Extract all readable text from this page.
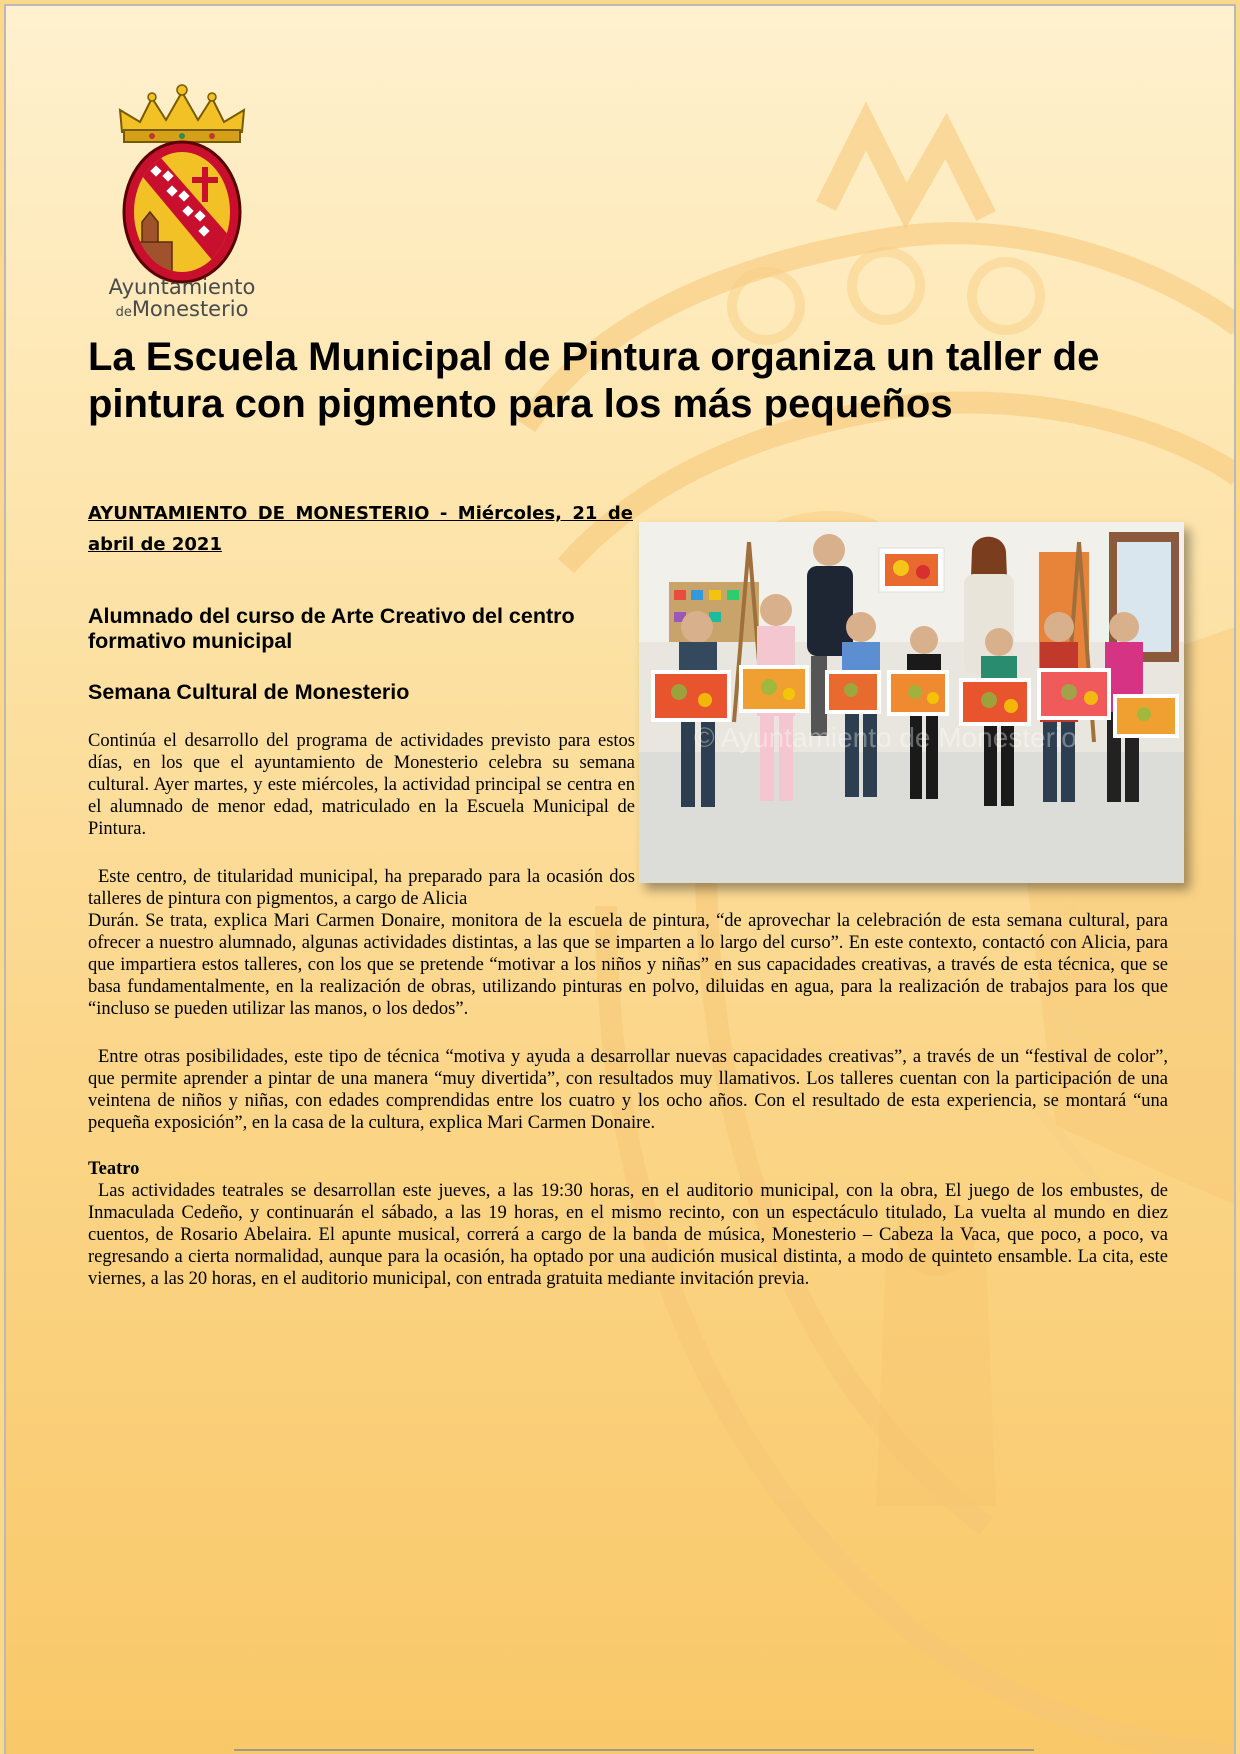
Ayuntamiento
deMonesterio
La Escuela Municipal de Pintura organiza un taller de pintura con pigmento para los más pequeños
AYUNTAMIENTO DE MONESTERIO - Miércoles, 21 de abril de 2021
Alumnado del curso de Arte Creativo del centro formativo municipal
Semana Cultural de Monesterio
© Ayuntamiento de Monesterio

Continúa el desarrollo del programa de actividades previsto para estos días, en los que el ayuntamiento de Monesterio celebra su semana cultural. Ayer martes, y este miércoles, la actividad principal se centra en el alumnado de menor edad, matriculado en la Escuela Municipal de Pintura.

Este centro, de titularidad municipal, ha preparado para la ocasión dos talleres de pintura con pigmentos, a cargo de Alicia

Durán. Se trata, explica Mari Carmen Donaire, monitora de la escuela de pintura, “de aprovechar la celebración de esta semana cultural, para ofrecer a nuestro alumnado, algunas actividades distintas, a las que se imparten a lo largo del curso”. En este contexto, contactó con Alicia, para que impartiera estos talleres, con los que se pretende “motivar a los niños y niñas” en sus capacidades creativas, a través de esta técnica, que se basa fundamentalmente, en la realización de obras, utilizando pinturas en polvo, diluidas en agua, para la realización de trabajos para los que “incluso se pueden utilizar las manos, o los dedos”.

Entre otras posibilidades, este tipo de técnica “motiva y ayuda a desarrollar nuevas capacidades creativas”, a través de un “festival de color”, que permite aprender a pintar de una manera “muy divertida”, con resultados muy llamativos. Los talleres cuentan con la participación de una veintena de niños y niñas, con edades comprendidas entre los cuatro y los ocho años. Con el resultado de esta experiencia, se montará “una pequeña exposición”, en la casa de la cultura, explica Mari Carmen Donaire.

Teatro

Las actividades teatrales se desarrollan este jueves, a las 19:30 horas, en el auditorio municipal, con la obra, El juego de los embustes, de Inmaculada Cedeño, y continuarán el sábado, a las 19 horas, en el mismo recinto, con un espectáculo titulado, La vuelta al mundo en diez cuentos, de Rosario Abelaira. El apunte musical, correrá a cargo de la banda de música, Monesterio – Cabeza la Vaca, que poco, a poco, va regresando a cierta normalidad, aunque para la ocasión, ha optado por una audición musical distinta, a modo de quinteto ensamble. La cita, este viernes, a las 20 horas, en el auditorio municipal, con entrada gratuita mediante invitación previa.
